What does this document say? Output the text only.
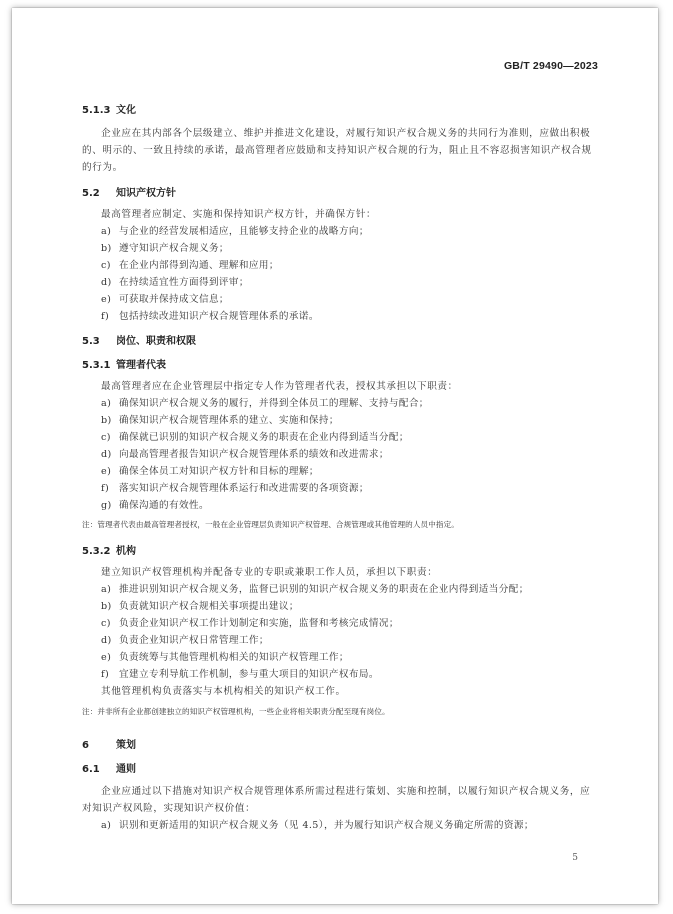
GB/T 29490—2023
5.1.3 文化
企业应在其内部各个层级建立、维护并推进文化建设，对履行知识产权合规义务的共同行为准则，应做出积极的、明示的、一致且持续的承诺，最高管理者应鼓励和支持知识产权合规的行为，阻止且不容忍损害知识产权合规的行为。
5.2 知识产权方针
最高管理者应制定、实施和保持知识产权方针，并确保方针：
a) 与企业的经营发展相适应，且能够支持企业的战略方向；
b) 遵守知识产权合规义务；
c) 在企业内部得到沟通、理解和应用；
d) 在持续适宜性方面得到评审；
e) 可获取并保持成文信息；
f) 包括持续改进知识产权合规管理体系的承诺。
5.3 岗位、职责和权限
5.3.1 管理者代表
最高管理者应在企业管理层中指定专人作为管理者代表，授权其承担以下职责：
a) 确保知识产权合规义务的履行，并得到全体员工的理解、支持与配合；
b) 确保知识产权合规管理体系的建立、实施和保持；
c) 确保就已识别的知识产权合规义务的职责在企业内得到适当分配；
d) 向最高管理者报告知识产权合规管理体系的绩效和改进需求；
e) 确保全体员工对知识产权方针和目标的理解；
f) 落实知识产权合规管理体系运行和改进需要的各项资源；
g) 确保沟通的有效性。
注：管理者代表由最高管理者授权，一般在企业管理层负责知识产权管理、合规管理或其他管理的人员中指定。
5.3.2 机构
建立知识产权管理机构并配备专业的专职或兼职工作人员，承担以下职责：
a) 推进识别知识产权合规义务，监督已识别的知识产权合规义务的职责在企业内得到适当分配；
b) 负责就知识产权合规相关事项提出建议；
c) 负责企业知识产权工作计划制定和实施，监督和考核完成情况；
d) 负责企业知识产权日常管理工作；
e) 负责统筹与其他管理机构相关的知识产权管理工作；
f) 宜建立专利导航工作机制，参与重大项目的知识产权布局。
其他管理机构负责落实与本机构相关的知识产权工作。
注：并非所有企业都创建独立的知识产权管理机构，一些企业将相关职责分配至现有岗位。
6	策划
6.1 通则
企业应通过以下措施对知识产权合规管理体系所需过程进行策划、实施和控制，以履行知识产权合规义务，应对知识产权风险，实现知识产权价值：
a) 识别和更新适用的知识产权合规义务（见 4.5），并为履行知识产权合规义务确定所需的资源；
5
